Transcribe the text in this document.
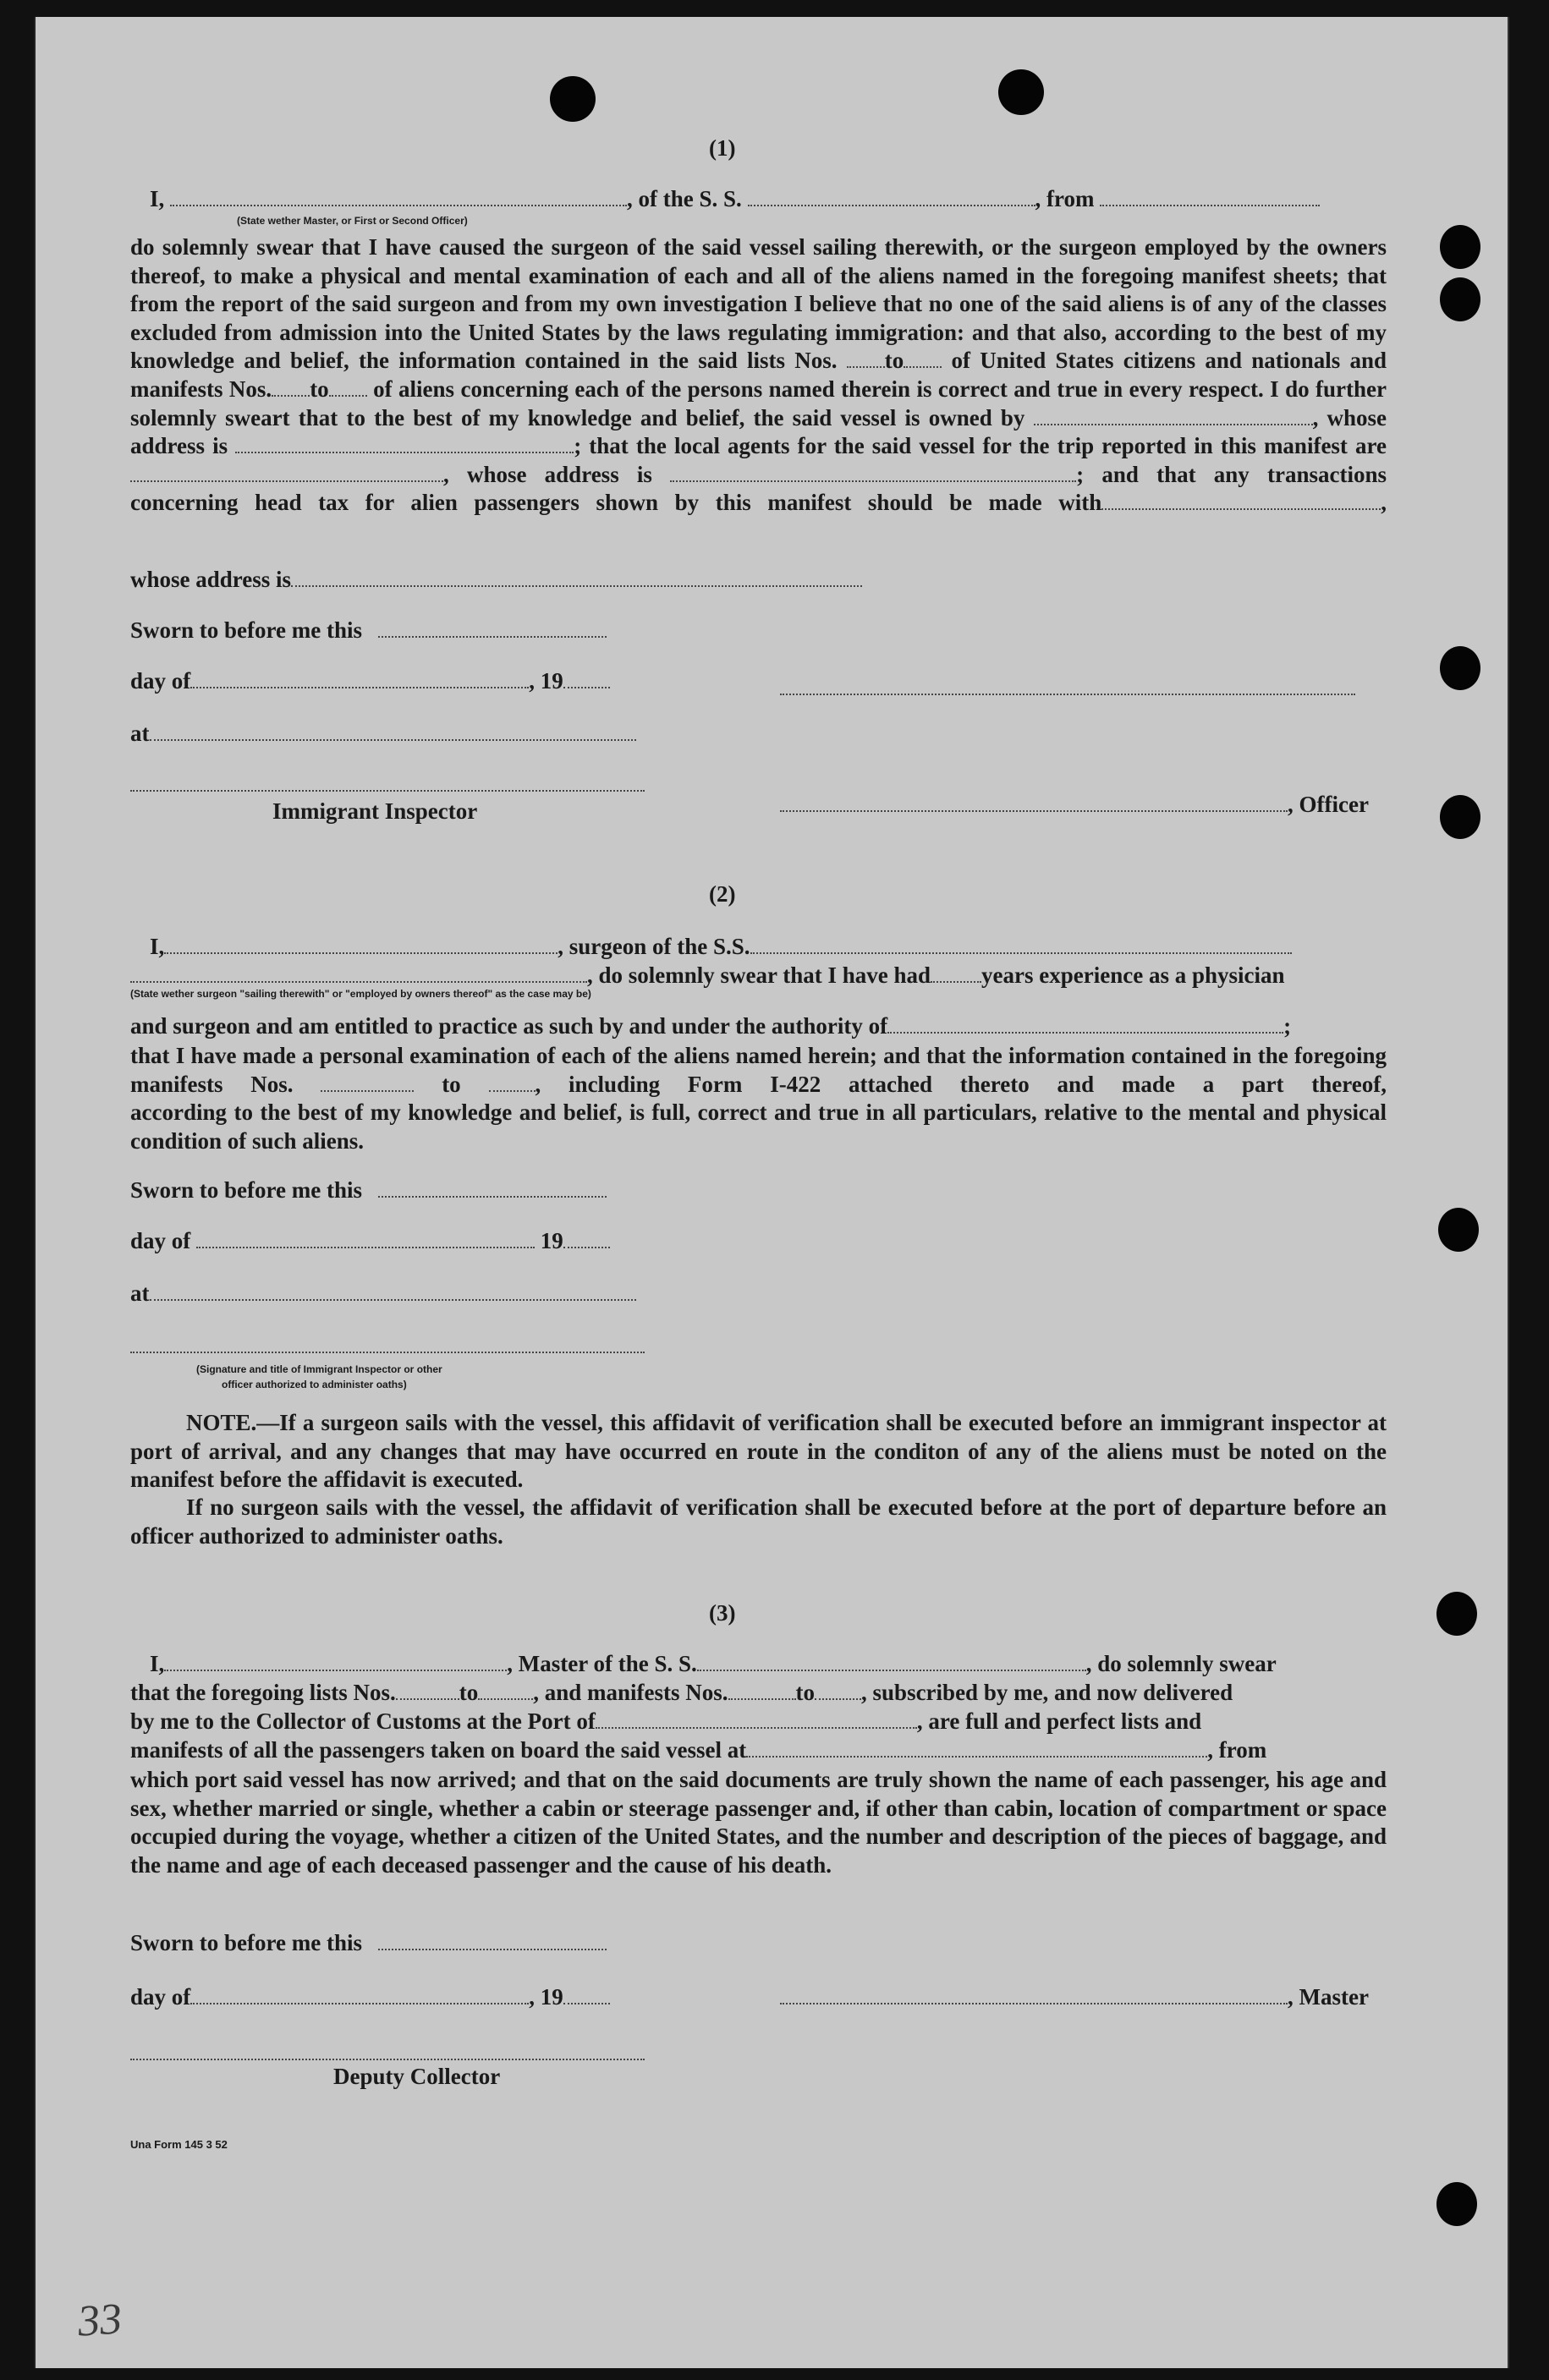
(1)
I,	, of the S. S.	, from
(State wether Master, or First or Second Officer)
do solemnly swear that I have caused the surgeon of the said vessel sailing therewith, or the surgeon employed by the owners thereof, to make a physical and mental examination of each and all of the aliens named in the foregoing manifest sheets; that from the report of the said surgeon and from my own investigation I believe that no one of the said aliens is of any of the classes excluded from admission into the United States by the laws regulating immigration: and that also, according to the best of my knowledge and belief, the information contained in the said lists Nos. to of United States citizens and nationals and manifests Nos. to of aliens concerning each of the persons named therein is correct and true in every respect. I do further solemnly sweart that to the best of my knowledge and belief, the said vessel is owned by	, whose address is	; that the local agents for the said vessel for the trip reported in this manifest are , whose address is	; and that any transactions concerning head tax for alien passengers shown by this manifest should be made with	,
whose address is
Sworn to before me this
day of	, 19
at
Immigrant Inspector	, Officer
(2)
I,	, surgeon of the S.S.
, do solemnly swear that I have had years experience as a physician
(State wether surgeon "sailing therewith" or "employed by owners thereof" as the case may be)
and surgeon and am entitled to practice as such by and under the authority of	;
that I have made a personal examination of each of the aliens named herein; and that the information contained in the foregoing manifests Nos.	to	, including Form I-422 attached thereto and made a part thereof,
according to the best of my knowledge and belief, is full, correct and true in all particulars, relative to the mental and physical condition of such aliens.
Sworn to before me this
day of	19
at
(Signature and title of Immigrant Inspector or other
officer authorized to administer oaths)
NOTE.—If a surgeon sails with the vessel, this affidavit of verification shall be executed before an immigrant inspector at port of arrival, and any changes that may have occurred en route in the conditon of any of the aliens must be noted on the manifest before the affidavit is executed.
If no surgeon sails with the vessel, the affidavit of verification shall be executed before at the port of departure before an officer authorized to administer oaths.
(3)
I,	, Master of the S. S.	, do solemnly swear
that the foregoing lists Nos.	to , and manifests Nos.	to , subscribed by me, and now delivered
by me to the Collector of Customs at the Port of	, are full and perfect lists and
manifests of all the passengers taken on board the said vessel at	, from
which port said vessel has now arrived; and that on the said documents are truly shown the name of each passenger, his age and sex, whether married or single, whether a cabin or steerage passenger and, if other than cabin, location of compartment or space occupied during the voyage, whether a citizen of the United States, and the number and description of the pieces of baggage, and the name and age of each deceased passenger and the cause of his death.
Sworn to before me this
day of	, 19	, Master
Deputy Collector
Una Form 145 3 52
33
